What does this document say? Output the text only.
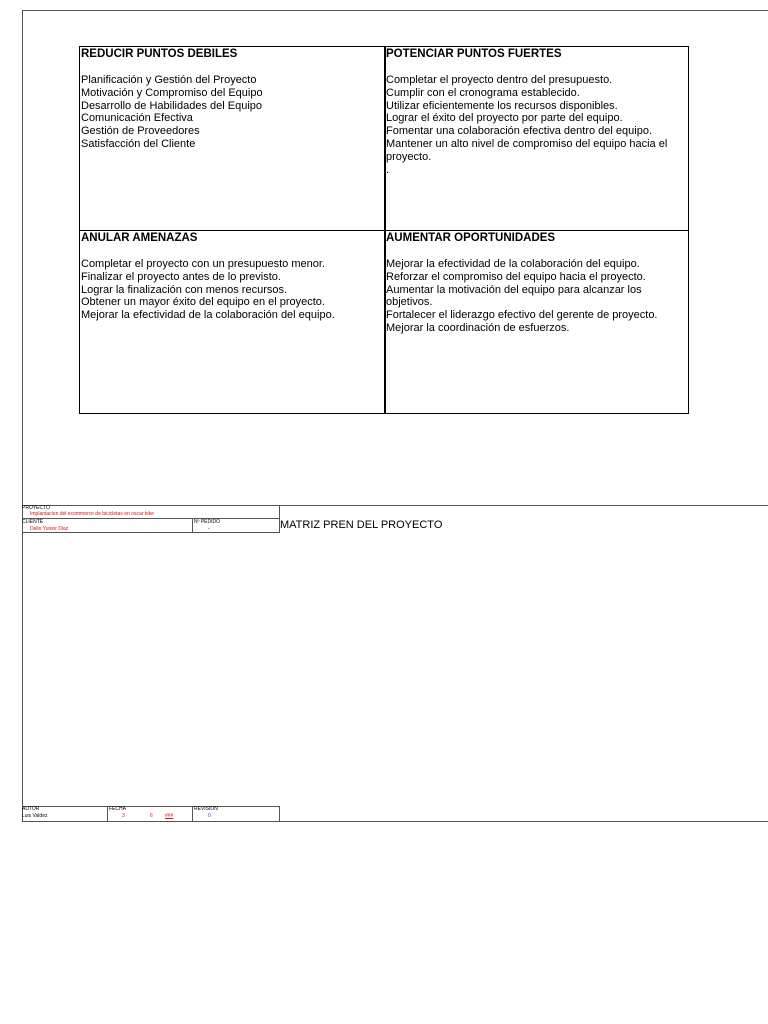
REDUCIR PUNTOS DEBILES
Planificación y Gestión del Proyecto
Motivación y Compromiso del Equipo
Desarrollo de Habilidades del Equipo
Comunicación Efectiva
Gestión de Proveedores
Satisfacción del Cliente
POTENCIAR PUNTOS FUERTES
Completar el proyecto dentro del presupuesto.
Cumplir con el cronograma establecido.
Utilizar eficientemente los recursos disponibles.
Lograr el éxito del proyecto por parte del equipo.
Fomentar una colaboración efectiva dentro del equipo.
Mantener un alto nivel de compromiso del equipo hacia el proyecto.
.
ANULAR AMENAZAS
Completar el proyecto con un presupuesto menor.
Finalizar el proyecto antes de lo previsto.
Lograr la finalización con menos recursos.
Obtener un mayor éxito del equipo en el proyecto.
Mejorar la efectividad de la colaboración del equipo.
AUMENTAR OPORTUNIDADES
Mejorar la efectividad de la colaboración del equipo.
Reforzar el compromiso del equipo hacia el proyecto.
Aumentar la motivación del equipo para alcanzar los objetivos.
Fortalecer el liderazgo efectivo del gerente de proyecto.
Mejorar la coordinación de esfuerzos.
PROYECTO
Implantacion del ecommerce de bicicletas en oscar bike
CLIENTE
Delio Yunior Diaz
Nº PEDIDO
-	MATRIZ PREN DEL PROYECTO
AUTOR
Luis Valdez
FECHA
3	6 ###
REVISION
0
